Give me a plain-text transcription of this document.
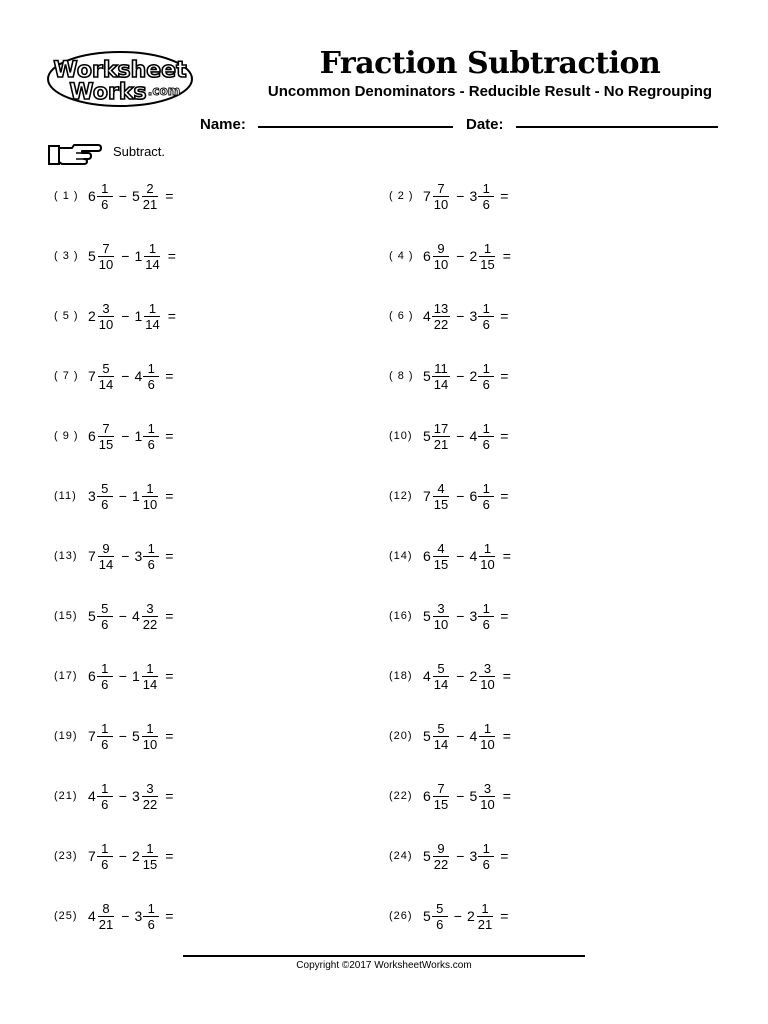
Worksheet
Works .com
Fraction Subtraction
Uncommon Denominators - Reducible Result - No Regrouping
Name:	Date:
Subtract.
( 1 ) $6 \frac{1}{6} - 5 \frac{2}{21}$ =	( 2 ) $7 \frac{7}{10} - 3 \frac{1}{6}$ =
( 3 ) $5 \frac{7}{10} - 1 \frac{1}{14}$ =	( 4 ) $6 \frac{9}{10} - 2 \frac{1}{15}$ =
( 5 ) $2 \frac{3}{10} - 1 \frac{1}{14}$ =	( 6 ) $4 \frac{13}{22} - 3 \frac{1}{6}$ =
( 7 ) $7 \frac{5}{14} - 4 \frac{1}{6}$ =	( 8 ) $5 \frac{11}{14} - 2 \frac{1}{6}$ =
( 9 ) $6 \frac{7}{15} - 1 \frac{1}{6}$ =	(10) $5 \frac{17}{21} - 4 \frac{1}{6}$ =
(11) $3 \frac{5}{6} - 1 \frac{1}{10}$ =	(12) $7 \frac{4}{15} - 6 \frac{1}{6}$ =
(13) $7 \frac{9}{14} - 3 \frac{1}{6}$ =	(14) $6 \frac{4}{15} - 4 \frac{1}{10}$ =
(15) $5 \frac{5}{6} - 4 \frac{3}{22}$ =	(16) $5 \frac{3}{10} - 3 \frac{1}{6}$ =
(17) $6 \frac{1}{6} - 1 \frac{1}{14}$ =	(18) $4 \frac{5}{14} - 2 \frac{3}{10}$ =
(19) $7 \frac{1}{6} - 5 \frac{1}{10}$ =	(20) $5 \frac{5}{14} - 4 \frac{1}{10}$ =
(21) $4 \frac{1}{6} - 3 \frac{3}{22}$ =	(22) $6 \frac{7}{15} - 5 \frac{3}{10}$ =
(23) $7 \frac{1}{6} - 2 \frac{1}{15}$ =	(24) $5 \frac{9}{22} - 3 \frac{1}{6}$ =
(25) $4 \frac{8}{21} - 3 \frac{1}{6}$ =	(26) $5 \frac{5}{6} - 2 \frac{1}{21}$ =
Copyright ©2017 WorksheetWorks.com
